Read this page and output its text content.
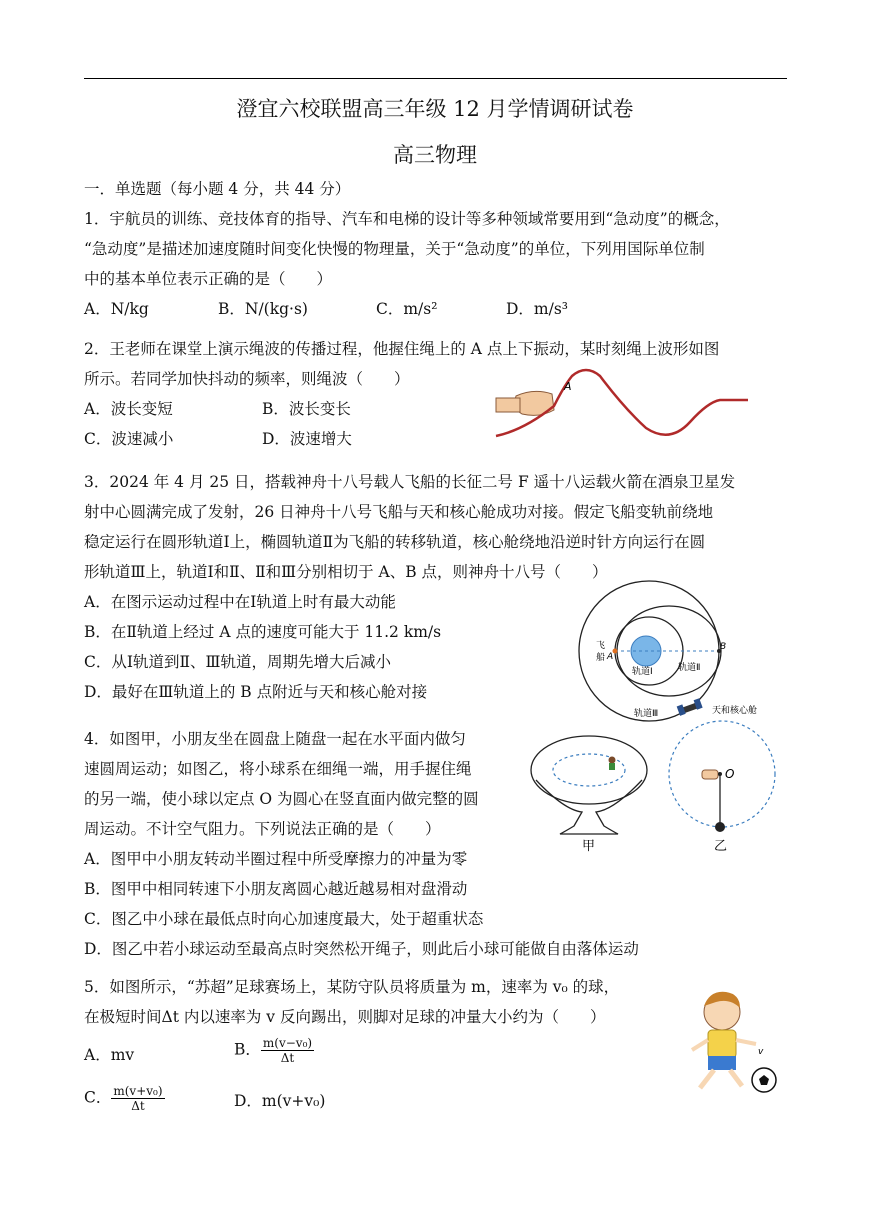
澄宜六校联盟高三年级 12 月学情调研试卷
高三物理
一．单选题（每小题 4 分，共 44 分）
1．宇航员的训练、竞技体育的指导、汽车和电梯的设计等多种领域常要用到“急动度”的概念，
“急动度”是描述加速度随时间变化快慢的物理量，关于“急动度”的单位，下列用国际单位制
中的基本单位表示正确的是（　　）
A．N/kg	B．N/(kg·s)	C．m/s²	D．m/s³
2．王老师在课堂上演示绳波的传播过程，他握住绳上的 A 点上下振动，某时刻绳上波形如图
所示。若同学加快抖动的频率，则绳波（　　）
A．波长变短	B．波长变长
C．波速减小	D．波速增大
A
3．2024 年 4 月 25 日，搭载神舟十八号载人飞船的长征二号 F 遥十八运载火箭在酒泉卫星发
射中心圆满完成了发射，26 日神舟十八号飞船与天和核心舱成功对接。假定飞船变轨前绕地
稳定运行在圆形轨道Ⅰ上，椭圆轨道Ⅱ为飞船的转移轨道，核心舱绕地沿逆时针方向运行在圆
形轨道Ⅲ上，轨道Ⅰ和Ⅱ、Ⅱ和Ⅲ分别相切于 A、B 点，则神舟十八号（　　）
A．在图示运动过程中在Ⅰ轨道上时有最大动能
B．在Ⅱ轨道上经过 A 点的速度可能大于 11.2 km/s
C．从Ⅰ轨道到Ⅱ、Ⅲ轨道，周期先增大后减小
D．最好在Ⅲ轨道上的 B 点附近与天和核心舱对接
飞
船 A
B
轨道Ⅰ	轨道Ⅱ
轨道Ⅲ	天和核心舱
4．如图甲，小朋友坐在圆盘上随盘一起在水平面内做匀
速圆周运动；如图乙，将小球系在细绳一端，用手握住绳
的另一端，使小球以定点 O 为圆心在竖直面内做完整的圆
周运动。不计空气阻力。下列说法正确的是（　　）
A．图甲中小朋友转动半圈过程中所受摩擦力的冲量为零
B．图甲中相同转速下小朋友离圆心越近越易相对盘滑动
C．图乙中小球在最低点时向心加速度最大，处于超重状态
D．图乙中若小球运动至最高点时突然松开绳子，则此后小球可能做自由落体运动
甲
O
乙
5．如图所示，“苏超”足球赛场上，某防守队员将质量为 m，速率为 v₀ 的球，
在极短时间Δt 内以速率为 v 反向踢出，则脚对足球的冲量大小约为（　　）
A．mv	B． $\frac{\text{m(v−v₀)}}{\Delta t}$
C． $\frac{\text{m(v+v₀)}}{\Delta t}$	D．m(v+v₀)
v
